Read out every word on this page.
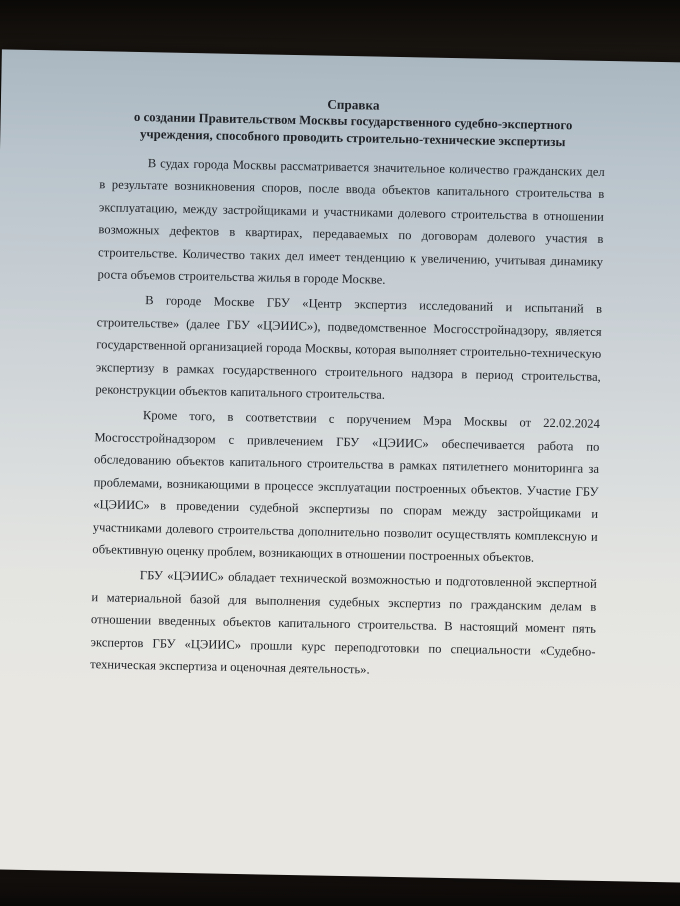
Справка
о создании Правительством Москвы государственного судебно-экспертного учреждения, способного проводить строительно-технические экспертизы

В судах города Москвы рассматривается значительное количество гражданских дел в результате возникновения споров, после ввода объектов капитального строительства в эксплуатацию, между застройщиками и участниками долевого строительства в отношении возможных дефектов в квартирах, передаваемых по договорам долевого участия в строительстве. Количество таких дел имеет тенденцию к увеличению, учитывая динамику роста объемов строительства жилья в городе Москве.

В городе Москве ГБУ «Центр экспертиз исследований и испытаний в строительстве» (далее ГБУ «ЦЭИИС»), подведомственное Мосгосстройнадзору, является государственной организацией города Москвы, которая выполняет строительно-техническую экспертизу в рамках государственного строительного надзора в период строительства, реконструкции объектов капитального строительства.

Кроме того, в соответствии с поручением Мэра Москвы от 22.02.2024 Мосгосстройнадзором с привлечением ГБУ «ЦЭИИС» обеспечивается работа по обследованию объектов капитального строительства в рамках пятилетнего мониторинга за проблемами, возникающими в процессе эксплуатации построенных объектов. Участие ГБУ «ЦЭИИС» в проведении судебной экспертизы по спорам между застройщиками и участниками долевого строительства дополнительно позволит осуществлять комплексную и объективную оценку проблем, возникающих в отношении построенных объектов.

ГБУ «ЦЭИИС» обладает технической возможностью и подготовленной экспертной и материальной базой для выполнения судебных экспертиз по гражданским делам в отношении введенных объектов капитального строительства. В настоящий момент пять экспертов ГБУ «ЦЭИИС» прошли курс переподготовки по специальности «Судебно-техническая экспертиза и оценочная деятельность».
